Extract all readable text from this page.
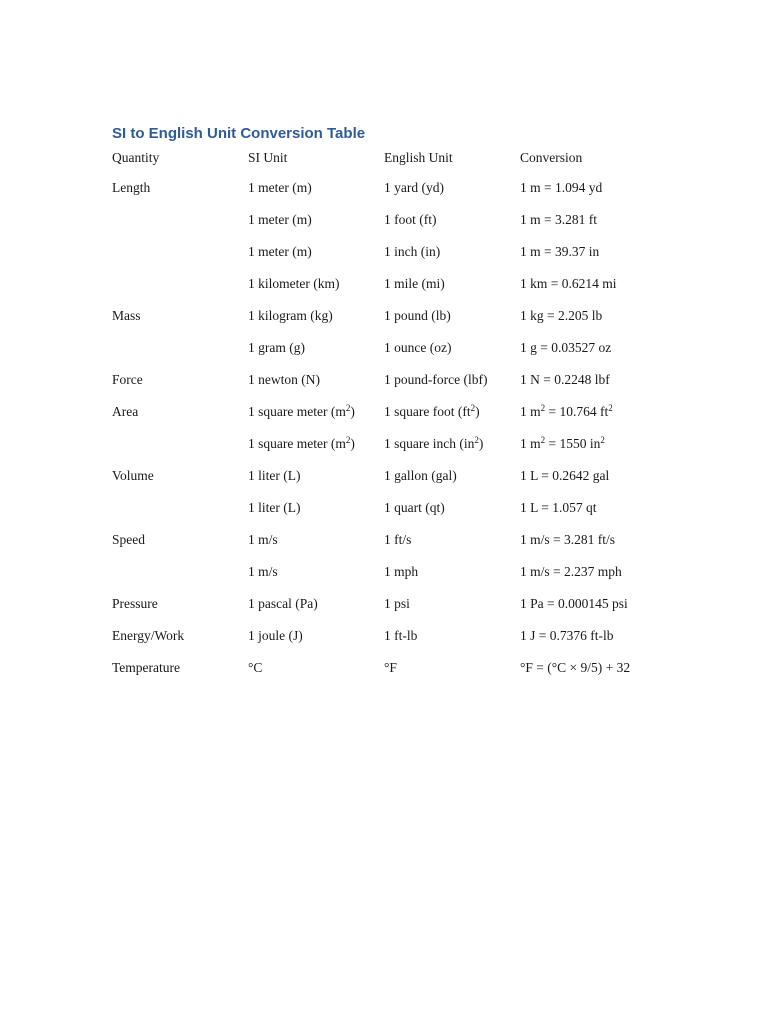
SI to English Unit Conversion Table
Quantity	SI Unit	English Unit	Conversion
Length	1 meter (m)	1 yard (yd)	1 m = 1.094 yd
	1 meter (m)	1 foot (ft)	1 m = 3.281 ft
	1 meter (m)	1 inch (in)	1 m = 39.37 in
	1 kilometer (km)	1 mile (mi)	1 km = 0.6214 mi
Mass	1 kilogram (kg)	1 pound (lb)	1 kg = 2.205 lb
	1 gram (g)	1 ounce (oz)	1 g = 0.03527 oz
Force	1 newton (N)	1 pound-force (lbf)	1 N = 0.2248 lbf
Area	1 square meter $(m^2)$	1 square foot $(ft^2)$	1 $m^2 = 10.764$ $ft^2$
	1 square meter $(m^2)$	1 square inch $(in^2)$	1 $m^2 = 1550$ $in^2$
Volume	1 liter (L)	1 gallon (gal)	1 L = 0.2642 gal
	1 liter (L)	1 quart (qt)	1 L = 1.057 qt
Speed	1 m/s	1 ft/s	1 m/s = 3.281 ft/s
	1 m/s	1 mph	1 m/s = 2.237 mph
Pressure	1 pascal (Pa)	1 psi	1 Pa = 0.000145 psi
Energy/Work	1 joule (J)	1 ft-lb	1 J = 0.7376 ft-lb
Temperature	°C	°F	°F = (°C × 9/5) + 32
